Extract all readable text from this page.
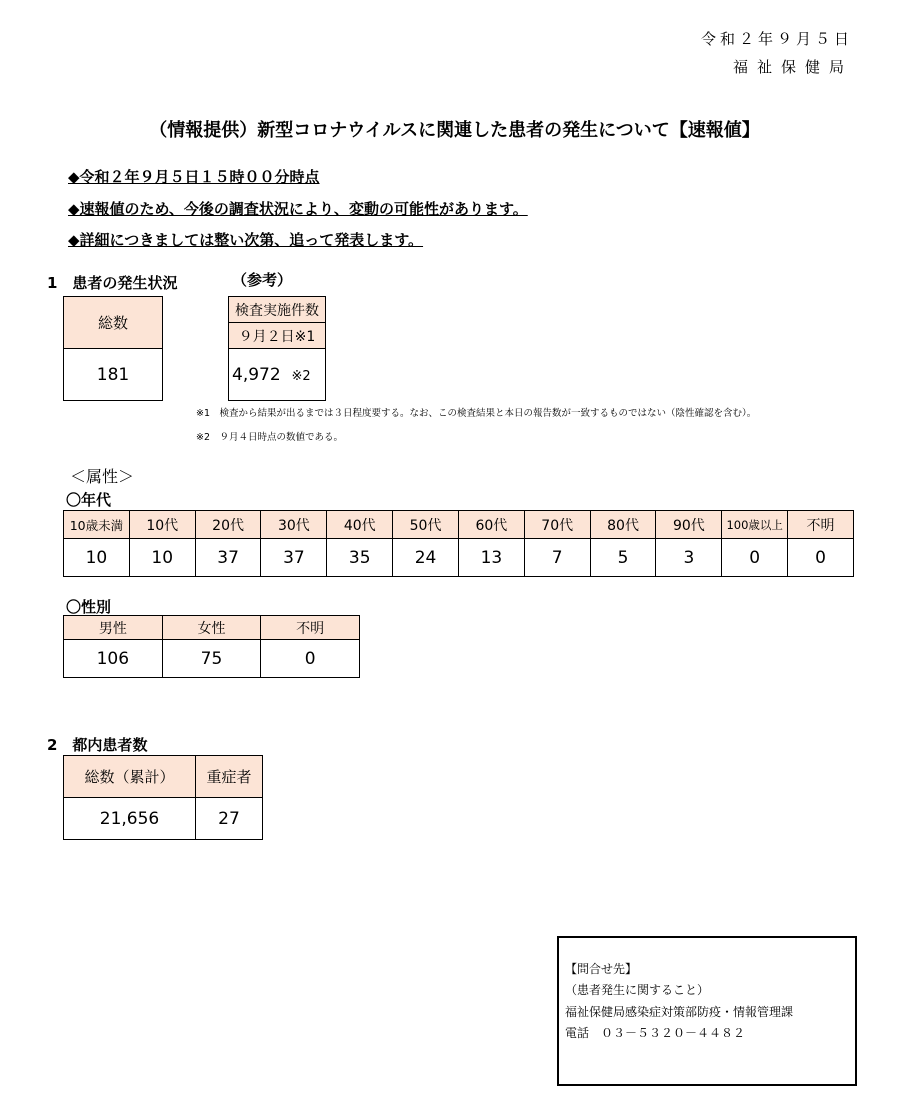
令和２年９月５日
福祉保健局
（情報提供）新型コロナウイルスに関連した患者の発生について【速報値】
◆令和２年９月５日１５時００分時点
◆速報値のため、今後の調査状況により、変動の可能性があります。
◆詳細につきましては整い次第、追って発表します。
1　患者の発生状況	（参考）
総数
181
検査実施件数
９月２日※1
4,972 ※2
※1　検査から結果が出るまでは３日程度要する。なお、この検査結果と本日の報告数が一致するものではない（陰性確認を含む）。
※2　９月４日時点の数値である。
＜属性＞
〇年代
10歳未満	10代	20代	30代	40代	50代	60代	70代	80代	90代	100歳以上	不明
10	10	37	37	35	24	13	7	5	3	0	0
〇性別
男性	女性	不明
106	75	0
2　都内患者数
総数（累計）	重症者
21,656	27
【問合せ先】
（患者発生に関すること）
福祉保健局感染症対策部防疫・情報管理課
電話　０３－５３２０－４４８２
